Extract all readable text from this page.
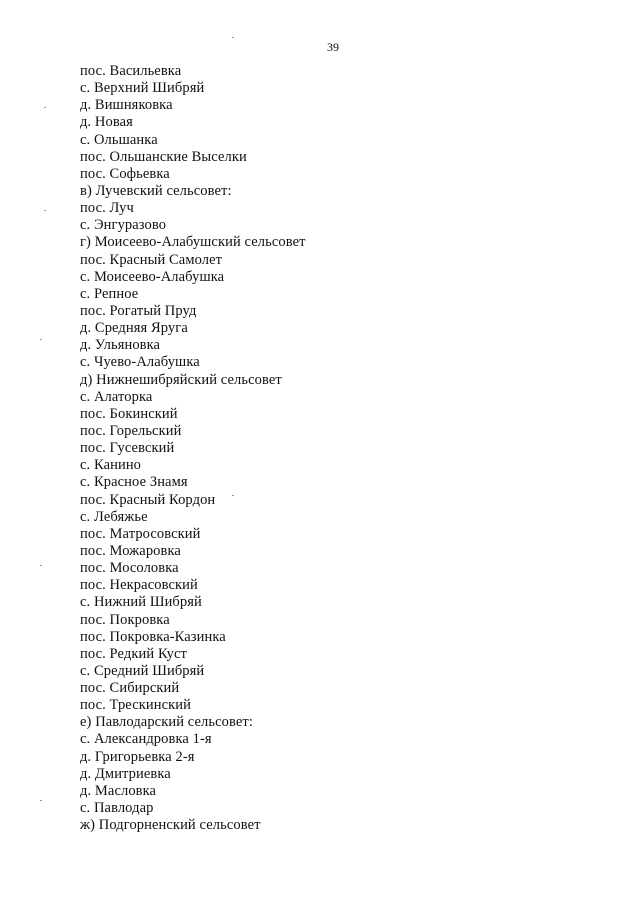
39
пос. Васильевка
с. Верхний Шибряй
д. Вишняковка
д. Новая
с. Ольшанка
пос. Ольшанские Выселки
пос. Софьевка
в) Лучевский сельсовет:
пос. Луч
с. Энгуразово
г) Моисеево-Алабушский сельсовет
пос. Красный Самолет
с. Моисеево-Алабушка
с. Репное
пос. Рогатый Пруд
д. Средняя Яруга
д. Ульяновка
с. Чуево-Алабушка
д) Нижнешибряйский сельсовет
с. Алаторка
пос. Бокинский
пос. Горельский
пос. Гусевский
с. Канино
с. Красное Знамя
пос. Красный Кордон
с. Лебяжье
пос. Матросовский
пос. Можаровка
пос. Мосоловка
пос. Некрасовский
с. Нижний Шибряй
пос. Покровка
пос. Покровка-Казинка
пос. Редкий Куст
с. Средний Шибряй
пос. Сибирский
пос. Трескинский
е) Павлодарский сельсовет:
с. Александровка 1-я
д. Григорьевка 2-я
д. Дмитриевка
д. Масловка
с. Павлодар
ж) Подгорненский сельсовет
